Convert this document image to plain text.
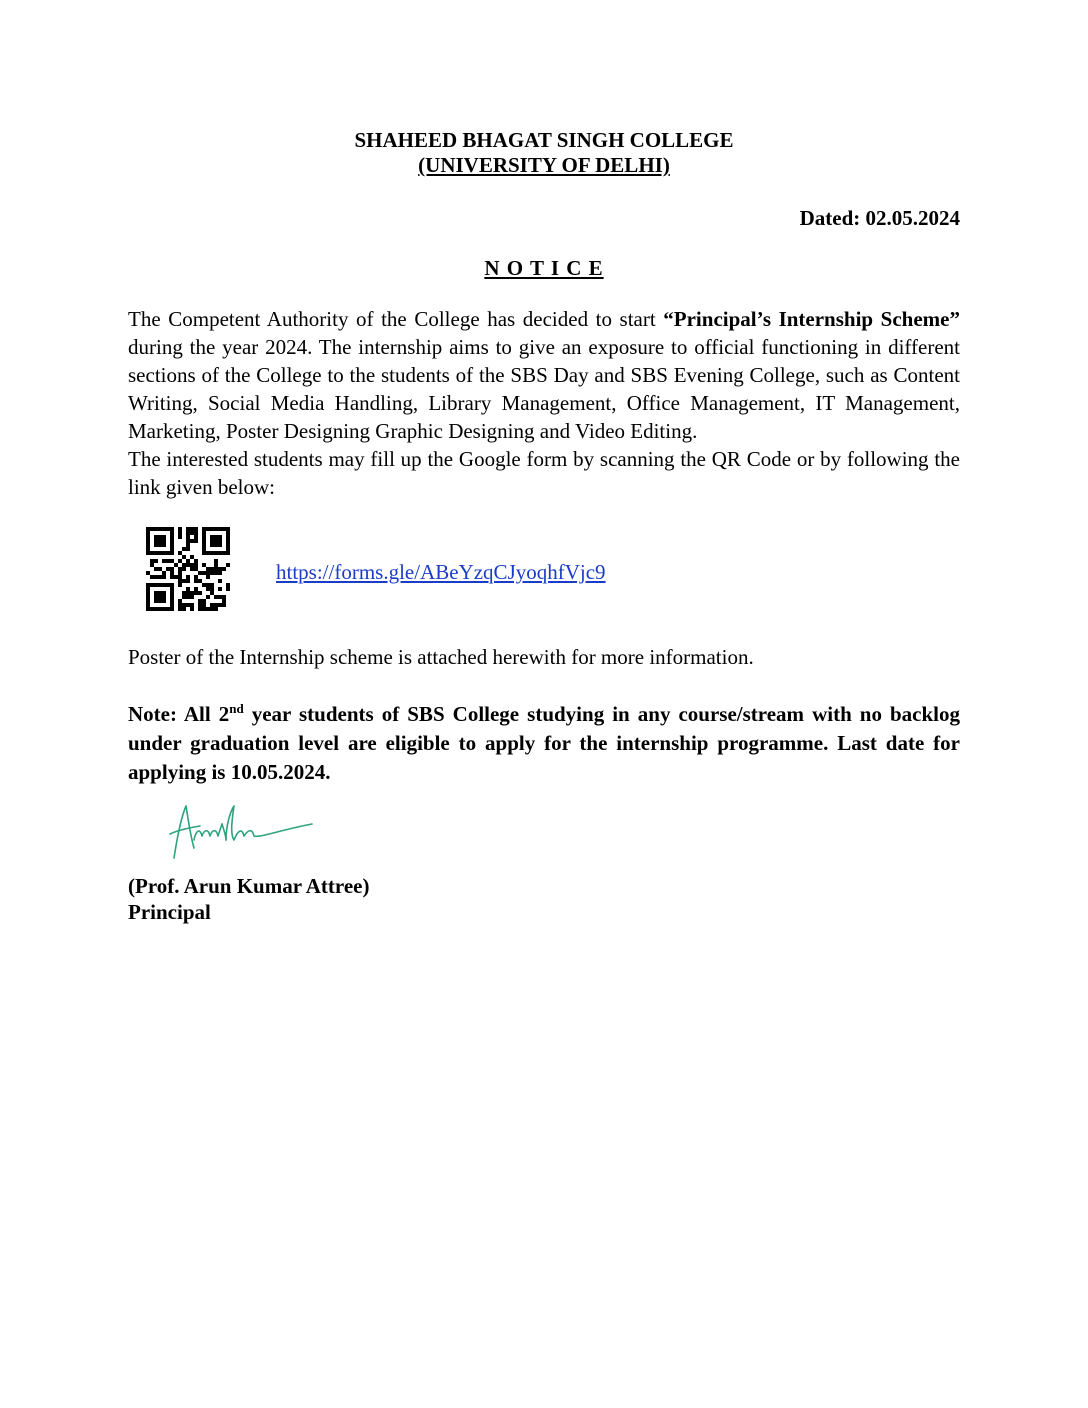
SHAHEED BHAGAT SINGH COLLEGE
(UNIVERSITY OF DELHI)
Dated: 02.05.2024
N O T I C E

The Competent Authority of the College has decided to start “Principal’s Internship Scheme” during the year 2024. The internship aims to give an exposure to official functioning in different sections of the College to the students of the SBS Day and SBS Evening College, such as Content Writing, Social Media Handling, Library Management, Office Management, IT Management, Marketing, Poster Designing Graphic Designing and Video Editing.

The interested students may fill up the Google form by scanning the QR Code or by following the link given below:

https://forms.gle/ABeYzqCJyoqhfVjc9
Poster of the Internship scheme is attached herewith for more information.
Note: All 2nd year students of SBS College studying in any course/stream with no backlog under graduation level are eligible to apply for the internship programme. Last date for applying is 10.05.2024.
(Prof. Arun Kumar Attree)
Principal
